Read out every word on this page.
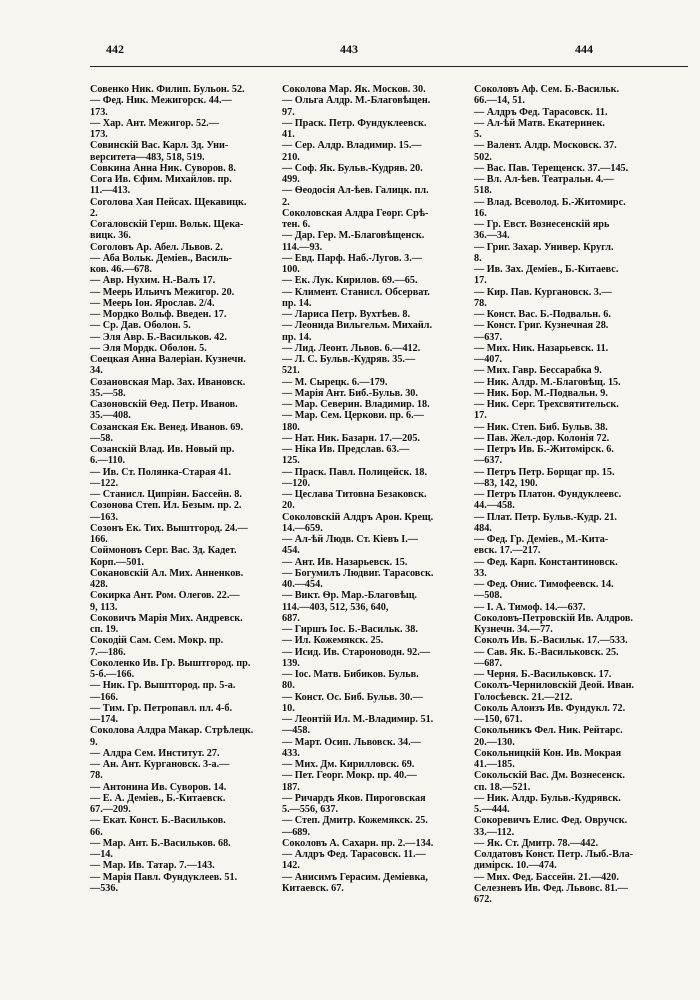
442	443	444

Совенко Ник. Филип. Бульон. 52.

— Фед. Ник. Межигорск. 44.—
173.

— Хар. Ант. Межигор. 52.—
173.

Совинскій Вас. Карл. Зд. Уни-
верситета—483, 518, 519.

Совкина Анна Ник. Суворов. 8.

Сога Ив. Єфим. Михайлов. пр.
11.—413.

Соголова Хая Пейсах. Щекавицк.
2.

Согаловскій Герш. Вольк. Щека-
вицк. 36.

Соголовъ Ар. Абел. Львов. 2.

— Аба Вольк. Деміев., Василь-
ков. 46.—678.

— Авр. Нухим. Н.-Валъ 17.

— Меерь Ильичъ Межигор. 20.

— Меерь Іон. Ярослав. 2/4.

— Мордко Вольф. Введен. 17.

— Ср. Дав. Оболон. 5.

— Эля Авр. Б.-Васильков. 42.

— Эля Мордк. Оболон. 5.

Соецкая Анна Валеріан. Кузнечн.
34.

Созановская Мар. Зах. Ивановск.
35.—58.

Сазоновскій Ѳед. Петр. Иванов.
35.—408.

Созанская Ек. Венед. Иванов. 69.
—58.

Созанскій Влад. Ив. Новый пр.
6.—110.

— Ив. Ст. Полянка-Старая 41.
—122.

— Станисл. Ципріян. Бассейн. 8.

Созонова Степ. Ил. Безым. пр. 2.
—163.

Созонъ Ек. Тих. Выштгород. 24.—
166.

Соймоновъ Серг. Вас. Зд. Кадет.
Корп.—501.

Сокановскій Ал. Мих. Анненков.
428.

Сокирка Ант. Ром. Олегов. 22.—
9, 113.

Соковичъ Марія Мих. Андревск.
сп. 19.

Сокодій Сам. Сем. Мокр. пр.
7.—186.

Соколенко Ив. Гр. Выштгород. пр.
5-б.—166.

— Ник. Гр. Выштгород. пр. 5-а.
—166.

— Тим. Гр. Петропавл. пл. 4-б.
—174.

Соколова Алдра Макар. Стрѣлецк.
9.

— Алдра Сем. Институт. 27.

— Ан. Ант. Кургановск. 3-а.—
78.

— Антонина Ив. Суворов. 14.

— Е. А. Деміев., Б.-Китаевск.
67.—209.

— Екат. Конст. Б.-Васильков.
66.

— Мар. Ант. Б.-Васильков. 68.
—14.

— Мар. Ив. Татар. 7.—143.

— Марія Павл. Фундуклеев. 51.
—536.

Соколова Мар. Як. Москов. 30.

— Ольга Алдр. М.-Благовѣщен.
97.

— Праск. Петр. Фундуклеевск.
41.

— Сер. Алдр. Владимир. 15.—
210.

— Соф. Як. Бульв.-Кудряв. 20.
499.

— Ѳеодосія Ал-ѣев. Галицк. пл.
2.

Соколовская Алдра Георг. Срѣ-
тен. 6.

— Дар. Гер. М.-Благовѣщенск.
114.—93.

— Евд. Парф. Наб.-Лугов. 3.—
100.

— Ек. Лук. Кирилов. 69.—65.

— Климент. Станисл. Обсерват.
пр. 14.

— Лариса Петр. Вухтѣев. 8.

— Леонида Вильгельм. Михайл.
пр. 14.

— Лид. Леонт. Львов. 6.—412.

— Л. С. Бульв.-Кудряв. 35.—
521.

— М. Сырецк. 6.—179.

— Марія Ант. Биб.-Бульв. 30.

— Мар. Северин. Владимир. 18.

— Мар. Сем. Церкови. пр. 6.—
180.

— Нат. Ник. Базарн. 17.—205.

— Ніка Ив. Предслав. 63.—
125.

— Праск. Павл. Полицейск. 18.
—120.

— Цеслава Титовна Безаковск.
20.

Соколовскій Алдръ Арон. Крещ.
14.—659.

— Ал-ѣй Людв. Ст. Кіевъ I.—
454.

— Ант. Ив. Назарьевск. 15.

— Богумилъ Людвиг. Тарасовск.
40.—454.

— Викт. Ѳр. Мар.-Благовѣщ.
114.—403, 512, 536, 640,
687.

— Гиршъ Іос. Б.-Васильк. 38.

— Ил. Кожемякск. 25.

— Исид. Ив. Староноводн. 92.—
139.

— Іос. Матв. Бибиков. Бульв.
80.

— Конст. Ос. Биб. Бульв. 30.—
10.

— Леонтій Ил. М.-Владимир. 51.
—458.

— Март. Осип. Львовск. 34.—
433.

— Мих. Дм. Кирилловск. 69.

— Пет. Георг. Мокр. пр. 40.—
187.

— Ричардъ Яков. Пироговская
5.—556, 637.

— Степ. Дмитр. Кожемякск. 25.
—689.

Соколовъ А. Сахарн. пр. 2.—134.

— Алдръ Фед. Тарасовск. 11.—
142.

— Анисимъ Герасим. Деміевка,
Китаевск. 67.

Соколовъ Аф. Сем. Б.-Васильк.
66.—14, 51.

— Алдръ Фед. Тарасовск. 11.

— Ал-ѣй Матв. Екатеринек.
5.

— Валент. Алдр. Московск. 37.
502.

— Вас. Пав. Терещенск. 37.—145.

— Вл. Ал-ѣев. Театральн. 4.—
518.

— Влад. Всеволод. Б.-Житомирс.
16.

— Гр. Евст. Вознесенскій ярь
36.—34.

— Григ. Захар. Универ. Кругл.
8.

— Ив. Зах. Деміев., Б.-Китаевс.
17.

— Кир. Пав. Кургановск. 3.—
78.

— Конст. Вас. Б.-Подвальн. 6.

— Конст. Григ. Кузнечная 28.
—637.

— Мих. Ник. Назарьевск. 11.
—407.

— Мих. Гавр. Бессарабка 9.

— Ник. Алдр. М.-Благовѣщ. 15.

— Ник. Бор. М.-Подвальн. 9.

— Ник. Серг. Трехсвятительск.
17.

— Ник. Степ. Биб. Бульв. 38.

— Пав. Жел.-дор. Колонія 72.

— Петръ Ив. Б.-Житомірск. 6.
—637.

— Петръ Петр. Борщаг пр. 15.
—83, 142, 190.

— Петръ Платон. Фундуклеевс.
44.—458.

— Плат. Петр. Бульв.-Кудр. 21.
484.

— Фед. Гр. Деміев., М.-Кита-
евск. 17.—217.

— Фед. Карп. Константиновск.
33.

— Фед. Онис. Тимофеевск. 14.
—508.

— I. А. Тимоф. 14.—637.

Соколовъ-Петровскій Ив. Алдров.
Кузнечн. 34.—77.

Соколъ Ив. Б.-Васильк. 17.—533.

— Сав. Як. Б.-Васильковск. 25.
—687.

— Черня. Б.-Васильковск. 17.

Соколъ-Черниловскій Деой. Иван.
Голосѣевск. 21.—212.

Соколь Алоизъ Ив. Фундукл. 72.
—150, 671.

Сокольникъ Фел. Ник. Рейтарс.
20.—130.

Сокольницкій Кон. Ив. Мокрая
41.—185.

Сокольскій Вас. Дм. Вознесенск.
сп. 18.—521.

— Ник. Алдр. Бульв.-Кудрявск.
5.—444.

Сокоревичъ Елис. Фед. Овручск.
33.—112.

— Як. Ст. Дмитр. 78.—442.

Солдатовъ Конст. Петр. Лыб.-Вла-
димірск. 10.—474.

— Мих. Фед. Бассейн. 21.—420.

Селезневъ Ив. Фед. Львовс. 81.—
672.
